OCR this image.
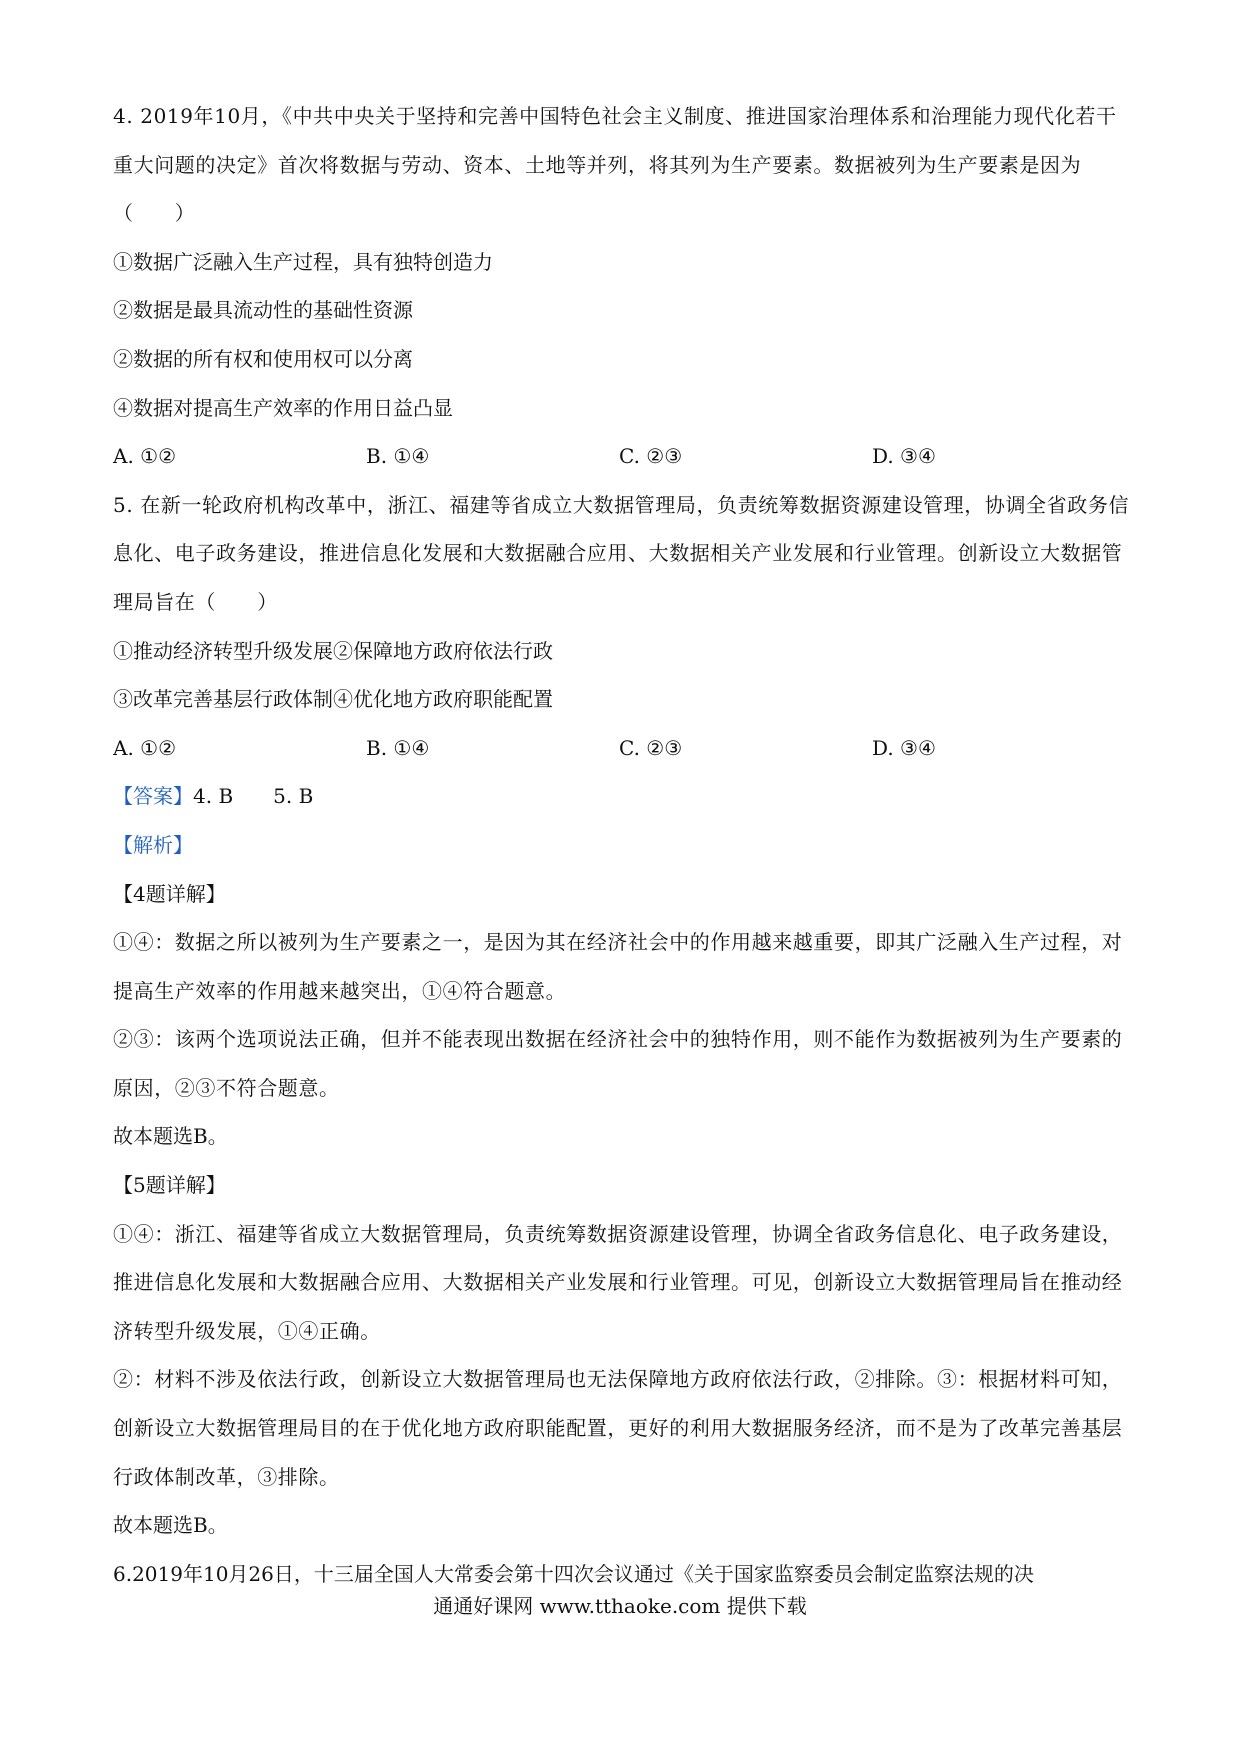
4. 2019年10月，《中共中央关于坚持和完善中国特色社会主义制度、推进国家治理体系和治理能力现代化若干重大问题的决定》首次将数据与劳动、资本、土地等并列，将其列为生产要素。数据被列为生产要素是因为（　　）
①数据广泛融入生产过程，具有独特创造力
②数据是最具流动性的基础性资源
②数据的所有权和使用权可以分离
④数据对提高生产效率的作用日益凸显
A. ①②	B. ①④	C. ②③	D. ③④
5. 在新一轮政府机构改革中，浙江、福建等省成立大数据管理局，负责统筹数据资源建设管理，协调全省政务信息化、电子政务建设，推进信息化发展和大数据融合应用、大数据相关产业发展和行业管理。创新设立大数据管理局旨在（　　）
①推动经济转型升级发展②保障地方政府依法行政
③改革完善基层行政体制④优化地方政府职能配置
A. ①②	B. ①④	C. ②③	D. ③④
【答案】4. B　　5. B
【解析】
【4题详解】
①④：数据之所以被列为生产要素之一，是因为其在经济社会中的作用越来越重要，即其广泛融入生产过程，对提高生产效率的作用越来越突出，①④符合题意。
②③：该两个选项说法正确，但并不能表现出数据在经济社会中的独特作用，则不能作为数据被列为生产要素的原因，②③不符合题意。
故本题选B。
【5题详解】
①④：浙江、福建等省成立大数据管理局，负责统筹数据资源建设管理，协调全省政务信息化、电子政务建设，推进信息化发展和大数据融合应用、大数据相关产业发展和行业管理。可见，创新设立大数据管理局旨在推动经济转型升级发展，①④正确。
②：材料不涉及依法行政，创新设立大数据管理局也无法保障地方政府依法行政，②排除。③：根据材料可知，创新设立大数据管理局目的在于优化地方政府职能配置，更好的利用大数据服务经济，而不是为了改革完善基层行政体制改革，③排除。
故本题选B。
6.2019年10月26日，十三届全国人大常委会第十四次会议通过《关于国家监察委员会制定监察法规的决
通通好课网 www.tthaoke.com 提供下载
